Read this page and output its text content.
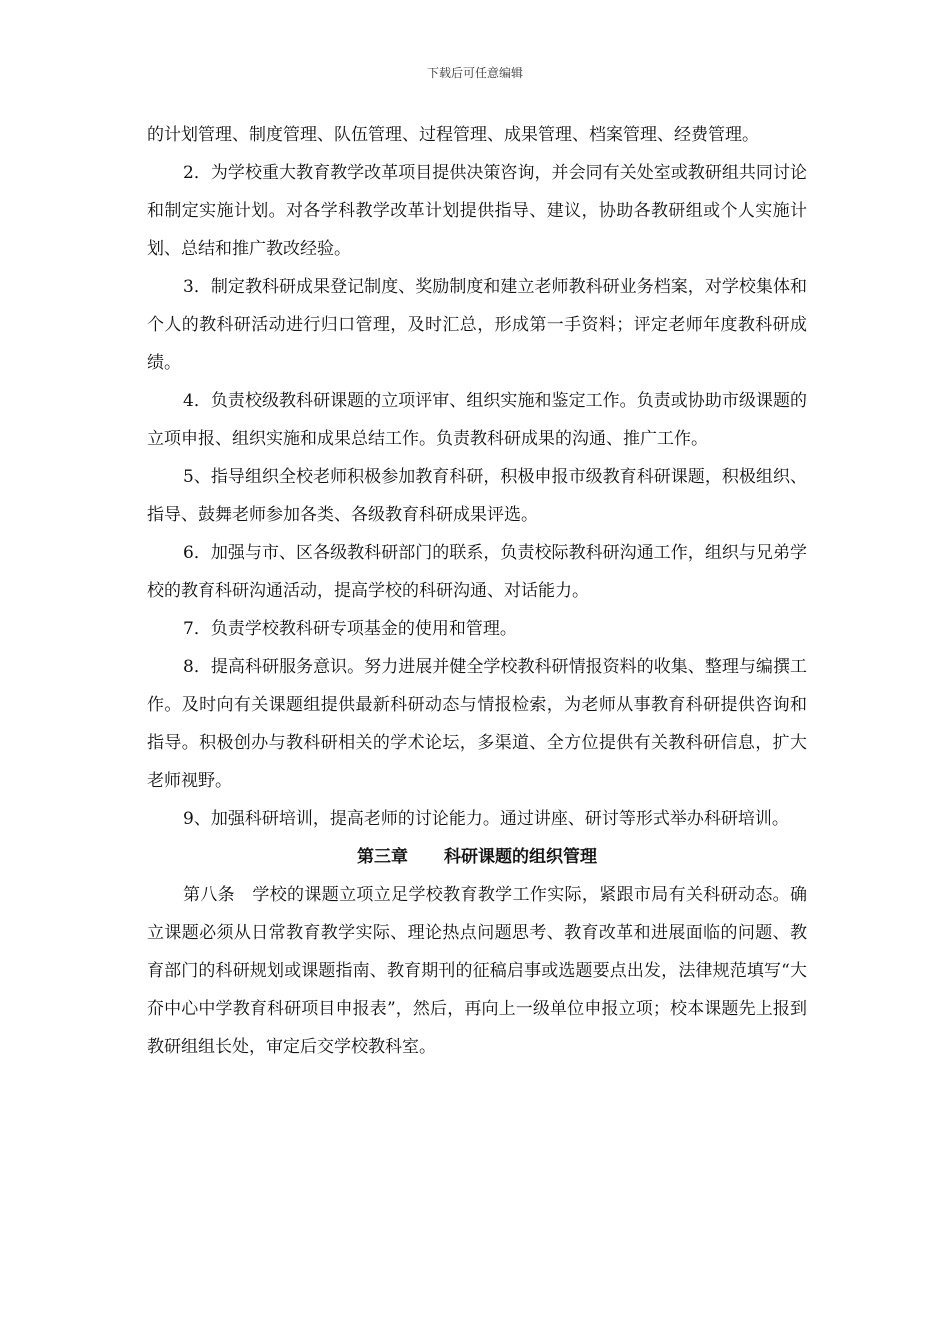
下载后可任意编辑

的计划管理、制度管理、队伍管理、过程管理、成果管理、档案管理、经费管理。

2．为学校重大教育教学改革项目提供决策咨询，并会同有关处室或教研组共同讨论和制定实施计划。对各学科教学改革计划提供指导、建议，协助各教研组或个人实施计划、总结和推广教改经验。

3．制定教科研成果登记制度、奖励制度和建立老师教科研业务档案，对学校集体和个人的教科研活动进行归口管理，及时汇总，形成第一手资料；评定老师年度教科研成绩。

4．负责校级教科研课题的立项评审、组织实施和鉴定工作。负责或协助市级课题的立项申报、组织实施和成果总结工作。负责教科研成果的沟通、推广工作。

5、指导组织全校老师积极参加教育科研，积极申报市级教育科研课题，积极组织、指导、鼓舞老师参加各类、各级教育科研成果评选。

6．加强与市、区各级教科研部门的联系，负责校际教科研沟通工作，组织与兄弟学校的教育科研沟通活动，提高学校的科研沟通、对话能力。

7．负责学校教科研专项基金的使用和管理。

8．提高科研服务意识。努力进展并健全学校教科研情报资料的收集、整理与编撰工作。及时向有关课题组提供最新科研动态与情报检索，为老师从事教育科研提供咨询和指导。积极创办与教科研相关的学术论坛，多渠道、全方位提供有关教科研信息，扩大老师视野。

9、加强科研培训，提高老师的讨论能力。通过讲座、研讨等形式举办科研培训。

第三章 科研课题的组织管理

第八条　学校的课题立项立足学校教育教学工作实际，紧跟市局有关科研动态。确立课题必须从日常教育教学实际、理论热点问题思考、教育改革和进展面临的问题、教育部门的科研规划或课题指南、教育期刊的征稿启事或选题要点出发，法律规范填写“大夼中心中学教育科研项目申报表”，然后，再向上一级单位申报立项；校本课题先上报到教研组组长处，审定后交学校教科室。
